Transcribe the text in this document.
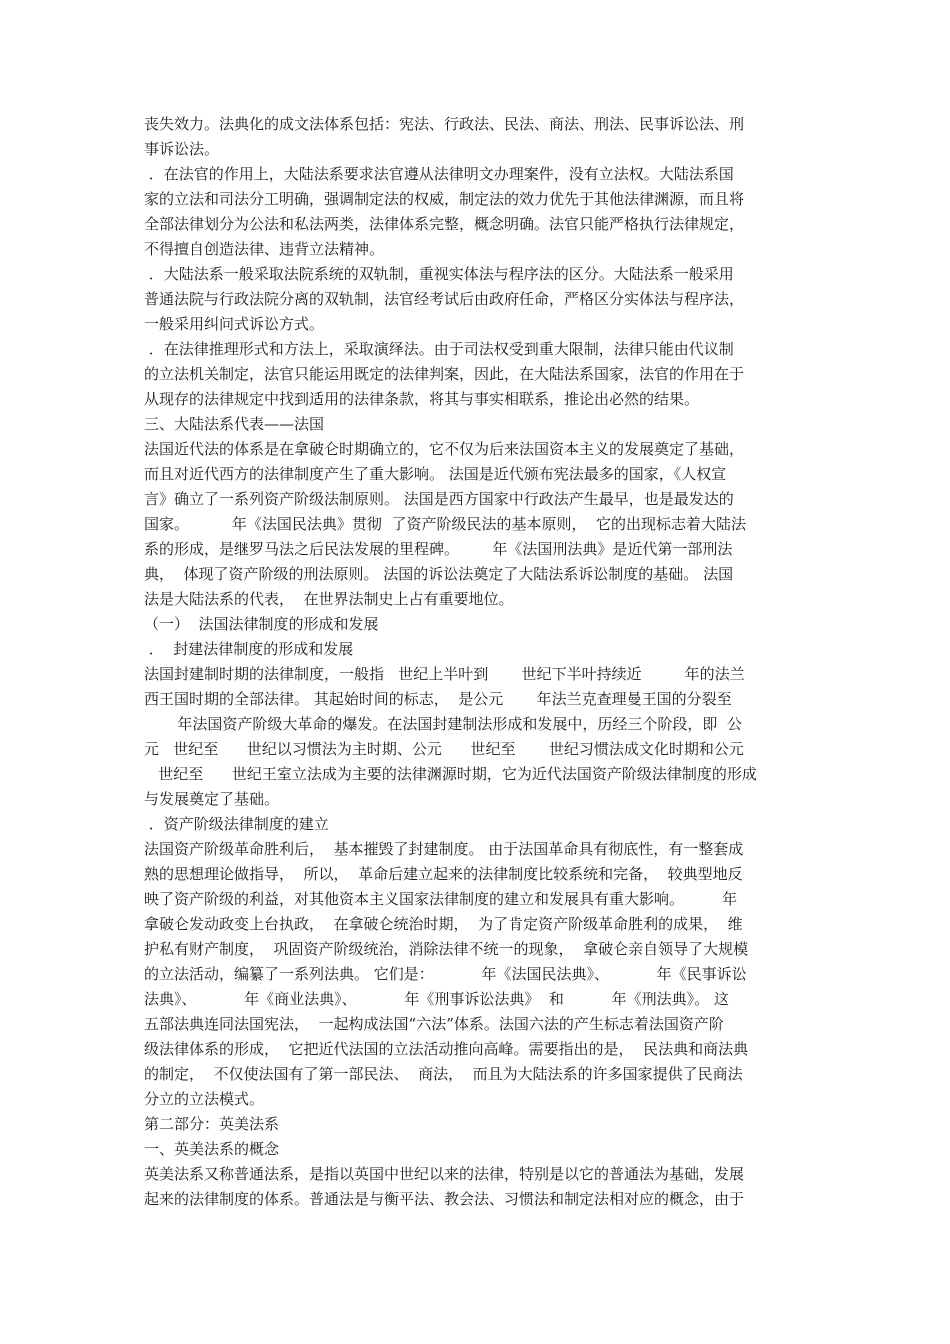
丧失效力。法典化的成文法体系包括：宪法、行政法、民法、商法、刑法、民事诉讼法、刑
事诉讼法。
．在法官的作用上，大陆法系要求法官遵从法律明文办理案件，没有立法权。大陆法系国
家的立法和司法分工明确，强调制定法的权威，制定法的效力优先于其他法律渊源，而且将
全部法律划分为公法和私法两类，法律体系完整，概念明确。法官只能严格执行法律规定，
不得擅自创造法律、违背立法精神。
．大陆法系一般采取法院系统的双轨制，重视实体法与程序法的区分。大陆法系一般采用
普通法院与行政法院分离的双轨制，法官经考试后由政府任命，严格区分实体法与程序法，
一般采用纠问式诉讼方式。
．在法律推理形式和方法上，采取演绎法。由于司法权受到重大限制，法律只能由代议制
的立法机关制定，法官只能运用既定的法律判案，因此，在大陆法系国家，法官的作用在于
从现存的法律规定中找到适用的法律条款，将其与事实相联系，推论出必然的结果。
三、大陆法系代表——法国
法国近代法的体系是在拿破仑时期确立的，它不仅为后来法国资本主义的发展奠定了基础，
而且对近代西方的法律制度产生了重大影响。 法国是近代颁布宪法最多的国家，《人权宣
言》确立了一系列资产阶级法制原则。 法国是西方国家中行政法产生最早，也是最发达的
国家。         年《法国民法典》贯彻  了资产阶级民法的基本原则，  它的出现标志着大陆法
系的形成，是继罗马法之后民法发展的里程碑。       年《法国刑法典》是近代第一部刑法
典，  体现了资产阶级的刑法原则。 法国的诉讼法奠定了大陆法系诉讼制度的基础。 法国
法是大陆法系的代表，  在世界法制史上占有重要地位。
（一）  法国法律制度的形成和发展
．  封建法律制度的形成和发展
法国封建制时期的法律制度，一般指   世纪上半叶到       世纪下半叶持续近         年的法兰
西王国时期的全部法律。 其起始时间的标志，  是公元       年法兰克查理曼王国的分裂至
年法国资产阶级大革命的爆发。在法国封建制法形成和发展中，历经三个阶段，即  公
元   世纪至      世纪以习惯法为主时期、公元      世纪至       世纪习惯法成文化时期和公元
世纪至      世纪王室立法成为主要的法律渊源时期，它为近代法国资产阶级法律制度的形成
与发展奠定了基础。
．资产阶级法律制度的建立
法国资产阶级革命胜利后，  基本摧毁了封建制度。 由于法国革命具有彻底性，有一整套成
熟的思想理论做指导，  所以，  革命后建立起来的法律制度比较系统和完备，  较典型地反
映了资产阶级的利益，对其他资本主义国家法律制度的建立和发展具有重大影响。        年
拿破仑发动政变上台执政，  在拿破仑统治时期，  为了肯定资产阶级革命胜利的成果，  维
护私有财产制度，  巩固资产阶级统治，消除法律不统一的现象，  拿破仑亲自领导了大规模
的立法活动，编纂了一系列法典。 它们是：          年《法国民法典》、          年《民事诉讼
法典》、          年《商业法典》、          年《刑事诉讼法典》  和          年《刑法典》。 这
五部法典连同法国宪法，  一起构成法国“六法”体系。法国六法的产生标志着法国资产阶
级法律体系的形成，  它把近代法国的立法活动推向高峰。需要指出的是，  民法典和商法典
的制定，  不仅使法国有了第一部民法、  商法，  而且为大陆法系的许多国家提供了民商法
分立的立法模式。
第二部分：英美法系
一、英美法系的概念
英美法系又称普通法系，是指以英国中世纪以来的法律，特别是以它的普通法为基础，发展
起来的法律制度的体系。普通法是与衡平法、教会法、习惯法和制定法相对应的概念，由于
